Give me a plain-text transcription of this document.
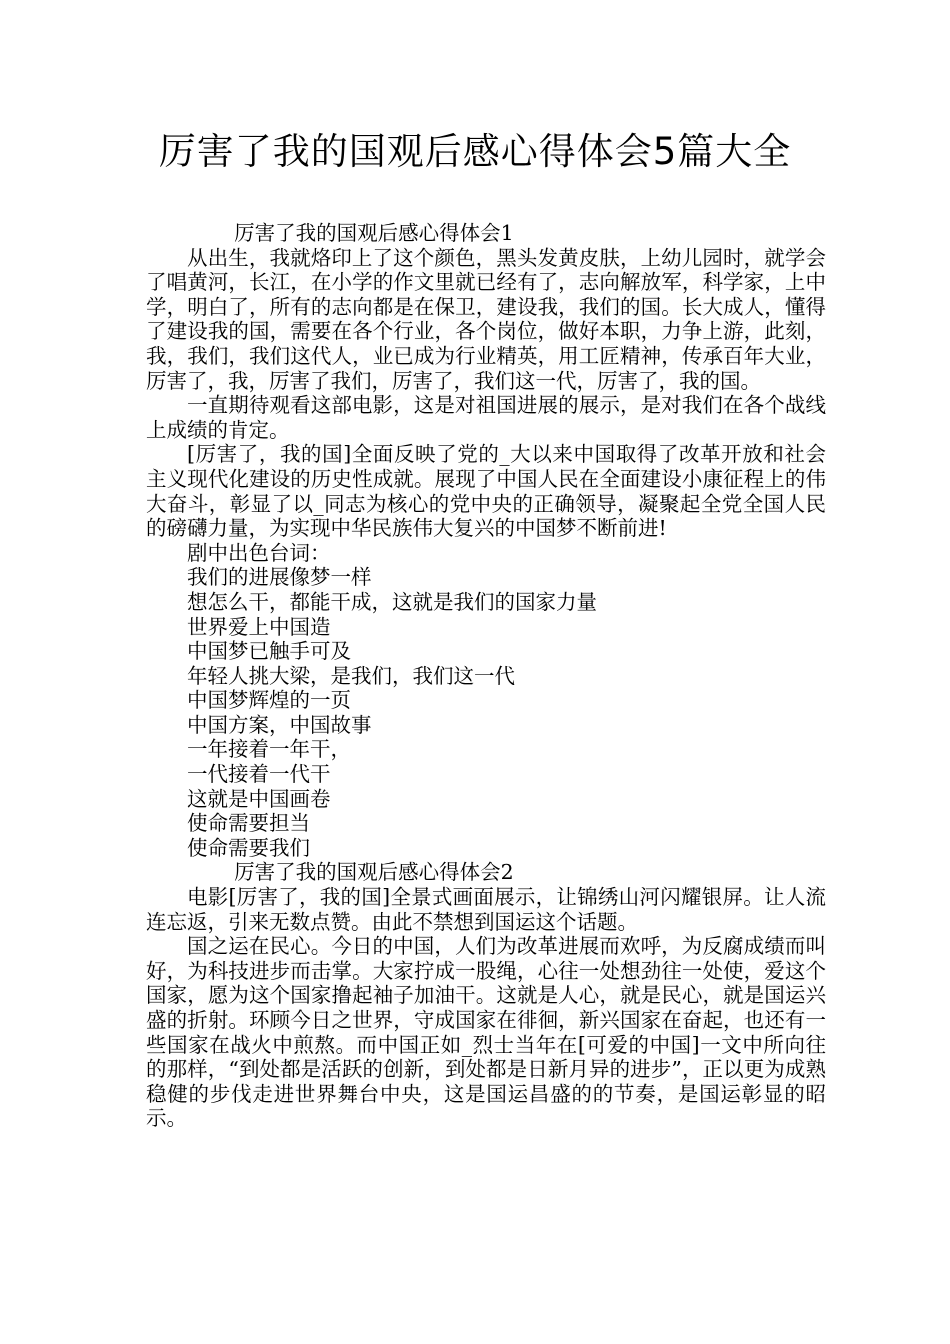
厉害了我的国观后感心得体会5篇大全

厉害了我的国观后感心得体会1

从出生，我就烙印上了这个颜色，黑头发黄皮肤，上幼儿园时，就学会了唱黄河，长江，在小学的作文里就已经有了，志向解放军，科学家，上中学，明白了，所有的志向都是在保卫，建设我，我们的国。长大成人，懂得了建设我的国，需要在各个行业，各个岗位，做好本职，力争上游，此刻，我，我们，我们这代人，业已成为行业精英，用工匠精神，传承百年大业，厉害了，我，厉害了我们，厉害了，我们这一代，厉害了，我的国。

一直期待观看这部电影，这是对祖国进展的展示，是对我们在各个战线上成绩的肯定。

[厉害了，我的国]全面反映了党的_大以来中国取得了改革开放和社会主义现代化建设的历史性成就。展现了中国人民在全面建设小康征程上的伟大奋斗，彰显了以_同志为核心的党中央的正确领导，凝聚起全党全国人民的磅礴力量，为实现中华民族伟大复兴的中国梦不断前进!

剧中出色台词：

我们的进展像梦一样

想怎么干，都能干成，这就是我们的国家力量

世界爱上中国造

中国梦已触手可及

年轻人挑大梁，是我们，我们这一代

中国梦辉煌的一页

中国方案，中国故事

一年接着一年干，

一代接着一代干

这就是中国画卷

使命需要担当

使命需要我们

厉害了我的国观后感心得体会2

电影[厉害了，我的国]全景式画面展示，让锦绣山河闪耀银屏。让人流连忘返，引来无数点赞。由此不禁想到国运这个话题。

国之运在民心。今日的中国，人们为改革进展而欢呼，为反腐成绩而叫好，为科技进步而击掌。大家拧成一股绳，心往一处想劲往一处使，爱这个国家，愿为这个国家撸起袖子加油干。这就是人心，就是民心，就是国运兴盛的折射。环顾今日之世界，守成国家在徘徊，新兴国家在奋起，也还有一些国家在战火中煎熬。而中国正如_烈士当年在[可爱的中国]一文中所向往的那样，“到处都是活跃的创新，到处都是日新月异的进步”，正以更为成熟稳健的步伐走进世界舞台中央，这是国运昌盛的的节奏，是国运彰显的昭示。
